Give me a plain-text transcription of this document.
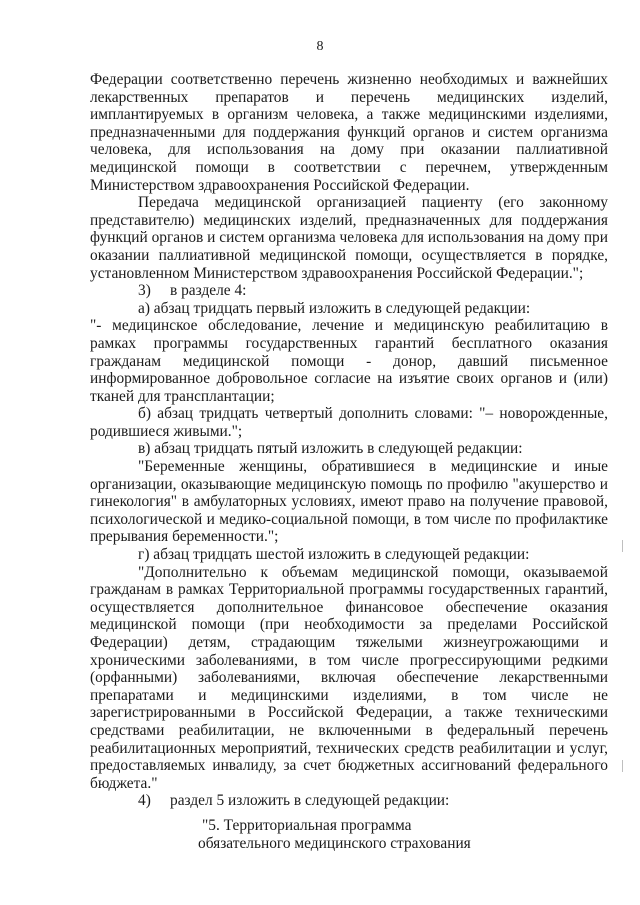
8

Федерации соответственно перечень жизненно необходимых и важнейших лекарственных препаратов и перечень медицинских изделий, имплантируемых в организм человека, а также медицинскими изделиями, предназначенными для поддержания функций органов и систем организма человека, для использования на дому при оказании паллиативной медицинской помощи в соответствии с перечнем, утвержденным Министерством здравоохранения Российской Федерации.

Передача медицинской организацией пациенту (его законному представителю) медицинских изделий, предназначенных для поддержания функций органов и систем организма человека для использования на дому при оказании паллиативной медицинской помощи, осуществляется в порядке, установленном Министерством здравоохранения Российской Федерации.";

3) в разделе 4:

а) абзац тридцать первый изложить в следующей редакции:

"- медицинское обследование, лечение и медицинскую реабилитацию в рамках программы государственных гарантий бесплатного оказания гражданам медицинской помощи - донор, давший письменное информированное добровольное согласие на изъятие своих органов и (или) тканей для трансплантации;

б) абзац тридцать четвертый дополнить словами: "– новорожденные, родившиеся живыми.";

в) абзац тридцать пятый изложить в следующей редакции:

"Беременные женщины, обратившиеся в медицинские и иные организации, оказывающие медицинскую помощь по профилю "акушерство и гинекология" в амбулаторных условиях, имеют право на получение правовой, психологической и медико-социальной помощи, в том числе по профилактике прерывания беременности.";

г) абзац тридцать шестой изложить в следующей редакции:

"Дополнительно к объемам медицинской помощи, оказываемой гражданам в рамках Территориальной программы государственных гарантий, осуществляется дополнительное финансовое обеспечение оказания медицинской помощи (при необходимости за пределами Российской Федерации) детям, страдающим тяжелыми жизнеугрожающими и хроническими заболеваниями, в том числе прогрессирующими редкими (орфанными) заболеваниями, включая обеспечение лекарственными препаратами и медицинскими изделиями, в том числе не зарегистрированными в Российской Федерации, а также техническими средствами реабилитации, не включенными в федеральный перечень реабилитационных мероприятий, технических средств реабилитации и услуг, предоставляемых инвалиду, за счет бюджетных ассигнований федерального бюджета."

4) раздел 5 изложить в следующей редакции:

"5. Территориальная программа
обязательного медицинского страхования
